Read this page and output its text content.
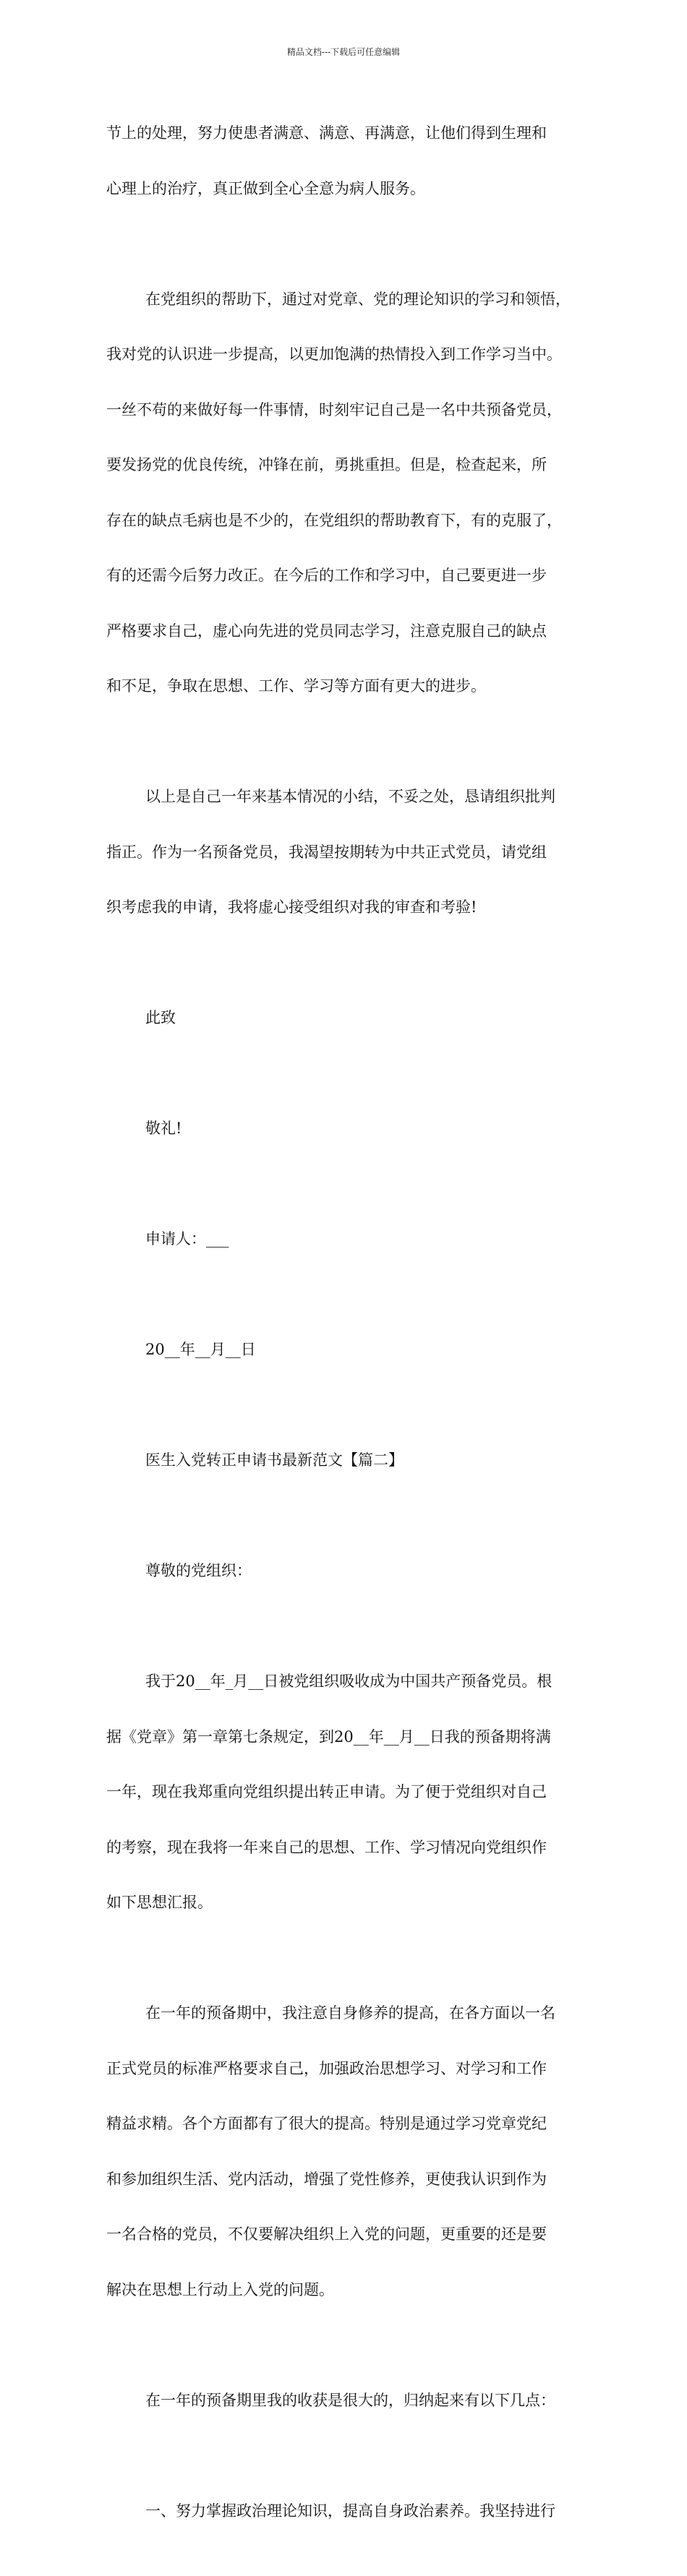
精品文档---下载后可任意编辑

节上的处理，努力使患者满意、满意、再满意，让他们得到生理和

心理上的治疗，真正做到全心全意为病人服务。

在党组织的帮助下，通过对党章、党的理论知识的学习和领悟，

我对党的认识进一步提高，以更加饱满的热情投入到工作学习当中。

一丝不苟的来做好每一件事情，时刻牢记自己是一名中共预备党员，

要发扬党的优良传统，冲锋在前，勇挑重担。但是，检查起来，所

存在的缺点毛病也是不少的，在党组织的帮助教育下，有的克服了，

有的还需今后努力改正。在今后的工作和学习中，自己要更进一步

严格要求自己，虚心向先进的党员同志学习，注意克服自己的缺点

和不足，争取在思想、工作、学习等方面有更大的进步。

以上是自己一年来基本情况的小结，不妥之处，恳请组织批判

指正。作为一名预备党员，我渴望按期转为中共正式党员，请党组

织考虑我的申请，我将虚心接受组织对我的审查和考验!

此致

敬礼!

申请人：___

20__年__月__日

医生入党转正申请书最新范文【篇二】

尊敬的党组织：

我于20__年_月__日被党组织吸收成为中国共产预备党员。根

据《党章》第一章第七条规定，到20__年__月__日我的预备期将满

一年，现在我郑重向党组织提出转正申请。为了便于党组织对自己

的考察，现在我将一年来自己的思想、工作、学习情况向党组织作

如下思想汇报。

在一年的预备期中，我注意自身修养的提高，在各方面以一名

正式党员的标准严格要求自己，加强政治思想学习、对学习和工作

精益求精。各个方面都有了很大的提高。特别是通过学习党章党纪

和参加组织生活、党内活动，增强了党性修养，更使我认识到作为

一名合格的党员，不仅要解决组织上入党的问题，更重要的还是要

解决在思想上行动上入党的问题。

在一年的预备期里我的收获是很大的，归纳起来有以下几点：

一、努力掌握政治理论知识，提高自身政治素养。我坚持进行
